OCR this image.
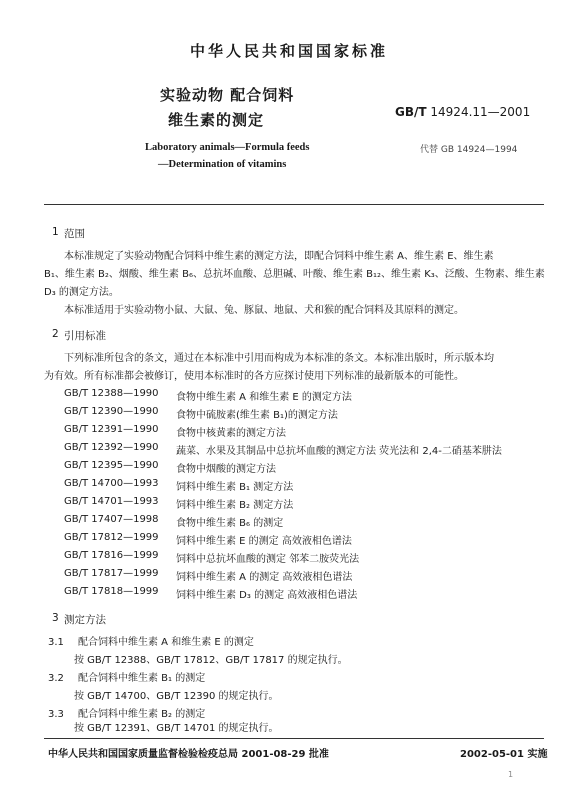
中华人民共和国国家标准
实验动物 配合饲料
维生素的测定	GB/T 14924.11—2001
代替 GB 14924—1994
Laboratory animals—Formula feeds
—Determination of vitamins
1 范围
本标准规定了实验动物配合饲料中维生素的测定方法，即配合饲料中维生素 A、维生素 E、维生素
B₁、维生素 B₂、烟酸、维生素 B₆、总抗坏血酸、总胆碱、叶酸、维生素 B₁₂、维生素 K₃、泛酸、生物素、维生素
D₃ 的测定方法。
本标准适用于实验动物小鼠、大鼠、兔、豚鼠、地鼠、犬和猴的配合饲料及其原料的测定。
2 引用标准
下列标准所包含的条文，通过在本标准中引用而构成为本标准的条文。本标准出版时，所示版本均
为有效。所有标准都会被修订，使用本标准时的各方应探讨使用下列标准的最新版本的可能性。
GB/T 12388—1990 食物中维生素 A 和维生素 E 的测定方法
GB/T 12390—1990 食物中硫胺素(维生素 B₁)的测定方法
GB/T 12391—1990 食物中核黄素的测定方法
GB/T 12392—1990 蔬菜、水果及其制品中总抗坏血酸的测定方法 荧光法和 2,4-二硝基苯肼法
GB/T 12395—1990 食物中烟酸的测定方法
GB/T 14700—1993 饲料中维生素 B₁ 测定方法
GB/T 14701—1993 饲料中维生素 B₂ 测定方法
GB/T 17407—1998 食物中维生素 B₆ 的测定
GB/T 17812—1999 饲料中维生素 E 的测定 高效液相色谱法
GB/T 17816—1999 饲料中总抗坏血酸的测定 邻苯二胺荧光法
GB/T 17817—1999 饲料中维生素 A 的测定 高效液相色谱法
GB/T 17818—1999 饲料中维生素 D₃ 的测定 高效液相色谱法
3 测定方法
3.1 配合饲料中维生素 A 和维生素 E 的测定
按 GB/T 12388、GB/T 17812、GB/T 17817 的规定执行。
3.2 配合饲料中维生素 B₁ 的测定
按 GB/T 14700、GB/T 12390 的规定执行。
3.3 配合饲料中维生素 B₂ 的测定
按 GB/T 12391、GB/T 14701 的规定执行。
中华人民共和国国家质量监督检验检疫总局 2001-08-29 批准	2002-05-01 实施
1
